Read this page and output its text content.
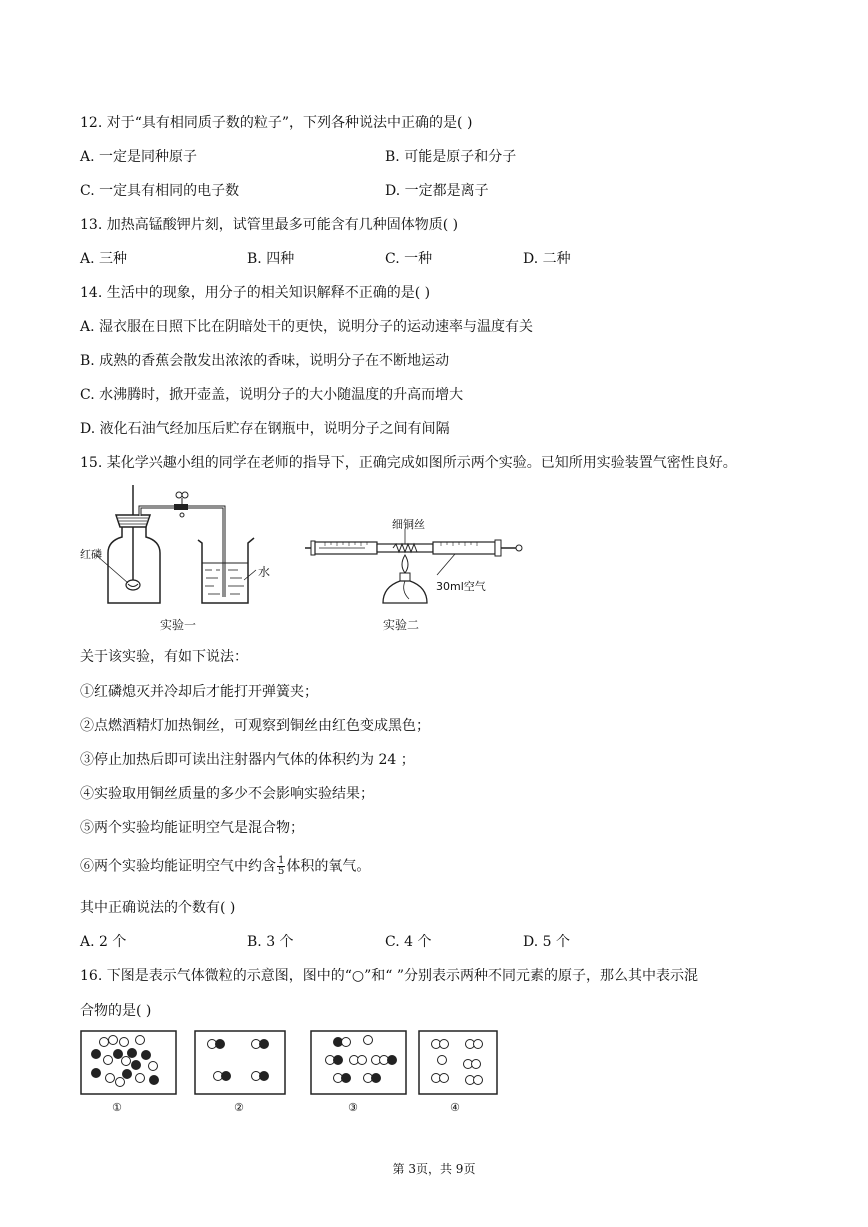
12. 对于“具有相同质子数的粒子”，下列各种说法中正确的是( )
A. 一定是同种原子	B. 可能是原子和分子
C. 一定具有相同的电子数	D. 一定都是离子
13. 加热高锰酸钾片刻，试管里最多可能含有几种固体物质( )
A. 三种	B. 四种	C. 一种	D. 二种
14. 生活中的现象，用分子的相关知识解释不正确的是( )
A. 湿衣服在日照下比在阴暗处干的更快，说明分子的运动速率与温度有关
B. 成熟的香蕉会散发出浓浓的香味，说明分子在不断地运动
C. 水沸腾时，掀开壶盖，说明分子的大小随温度的升高而增大
D. 液化石油气经加压后贮存在钢瓶中，说明分子之间有间隔
15. 某化学兴趣小组的同学在老师的指导下，正确完成如图所示两个实验。已知所用实验装置气密性良好。
红磷
水
实验一
细铜丝
30ml空气
实验二
关于该实验，有如下说法：
①红磷熄灭并冷却后才能打开弹簧夹；
②点燃酒精灯加热铜丝，可观察到铜丝由红色变成黑色；
③停止加热后即可读出注射器内气体的体积约为 24 ；
④实验取用铜丝质量的多少不会影响实验结果；
⑤两个实验均能证明空气是混合物；
⑥两个实验均能证明空气中约含 $\frac{1}{5}$ 体积的氧气。
其中正确说法的个数有( )
A. 2 个	B. 3 个	C. 4 个	D. 5 个
16. 下图是表示气体微粒的示意图，图中的“○”和“ ”分别表示两种不同元素的原子，那么其中表示混
合物的是( )
①	②	③	④
第 3页，共 9页
